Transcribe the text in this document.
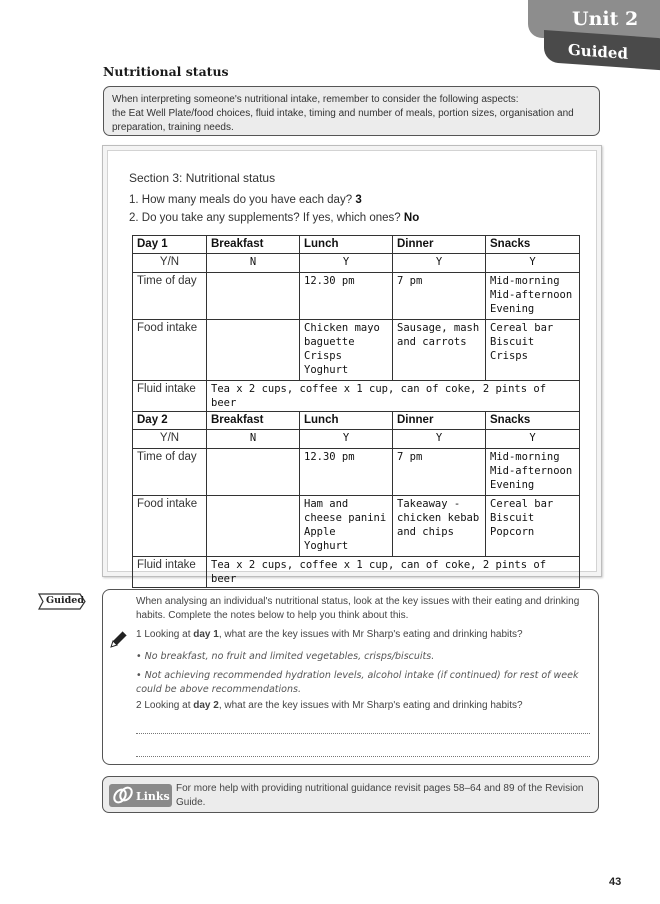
Unit 2
Guided
Nutritional status
When interpreting someone's nutritional intake, remember to consider the following aspects:
the Eat Well Plate/food choices, fluid intake, timing and number of meals, portion sizes, organisation and
preparation, training needs.
Section 3: Nutritional status
1. How many meals do you have each day? 3
2. Do you take any supplements? If yes, which ones? No
Day 1	Breakfast	Lunch	Dinner	Snacks
Y/N	N	Y	Y	Y
Time of day		12.30 pm	7 pm	Mid-morning
Mid-afternoon
Evening
Food intake		Chicken mayo
baguette
Crisps
Yoghurt	Sausage, mash
and carrots	Cereal bar
Biscuit
Crisps
Fluid intake	Tea x 2 cups, coffee x 1 cup, can of coke, 2 pints of beer			
Day 2	Breakfast	Lunch	Dinner	Snacks
Y/N	N	Y	Y	Y
Time of day		12.30 pm	7 pm	Mid-morning
Mid-afternoon
Evening
Food intake		Ham and
cheese panini
Apple
Yoghurt	Takeaway -
chicken kebab
and chips	Cereal bar
Biscuit
Popcorn
Fluid intake	Tea x 2 cups, coffee x 1 cup, can of coke, 2 pints of beer			
Guided	When analysing an individual's nutritional status, look at the key issues with their eating and drinking
habits. Complete the notes below to help you think about this.
1 Looking at day 1, what are the key issues with Mr Sharp's eating and drinking habits?
• No breakfast, no fruit and limited vegetables, crisps/biscuits.
• Not achieving recommended hydration levels, alcohol intake (if continued) for rest of week
could be above recommendations.
2 Looking at day 2, what are the key issues with Mr Sharp's eating and drinking habits?
Links
For more help with providing nutritional guidance revisit pages 58–64 and 89 of the Revision
Guide.
43
